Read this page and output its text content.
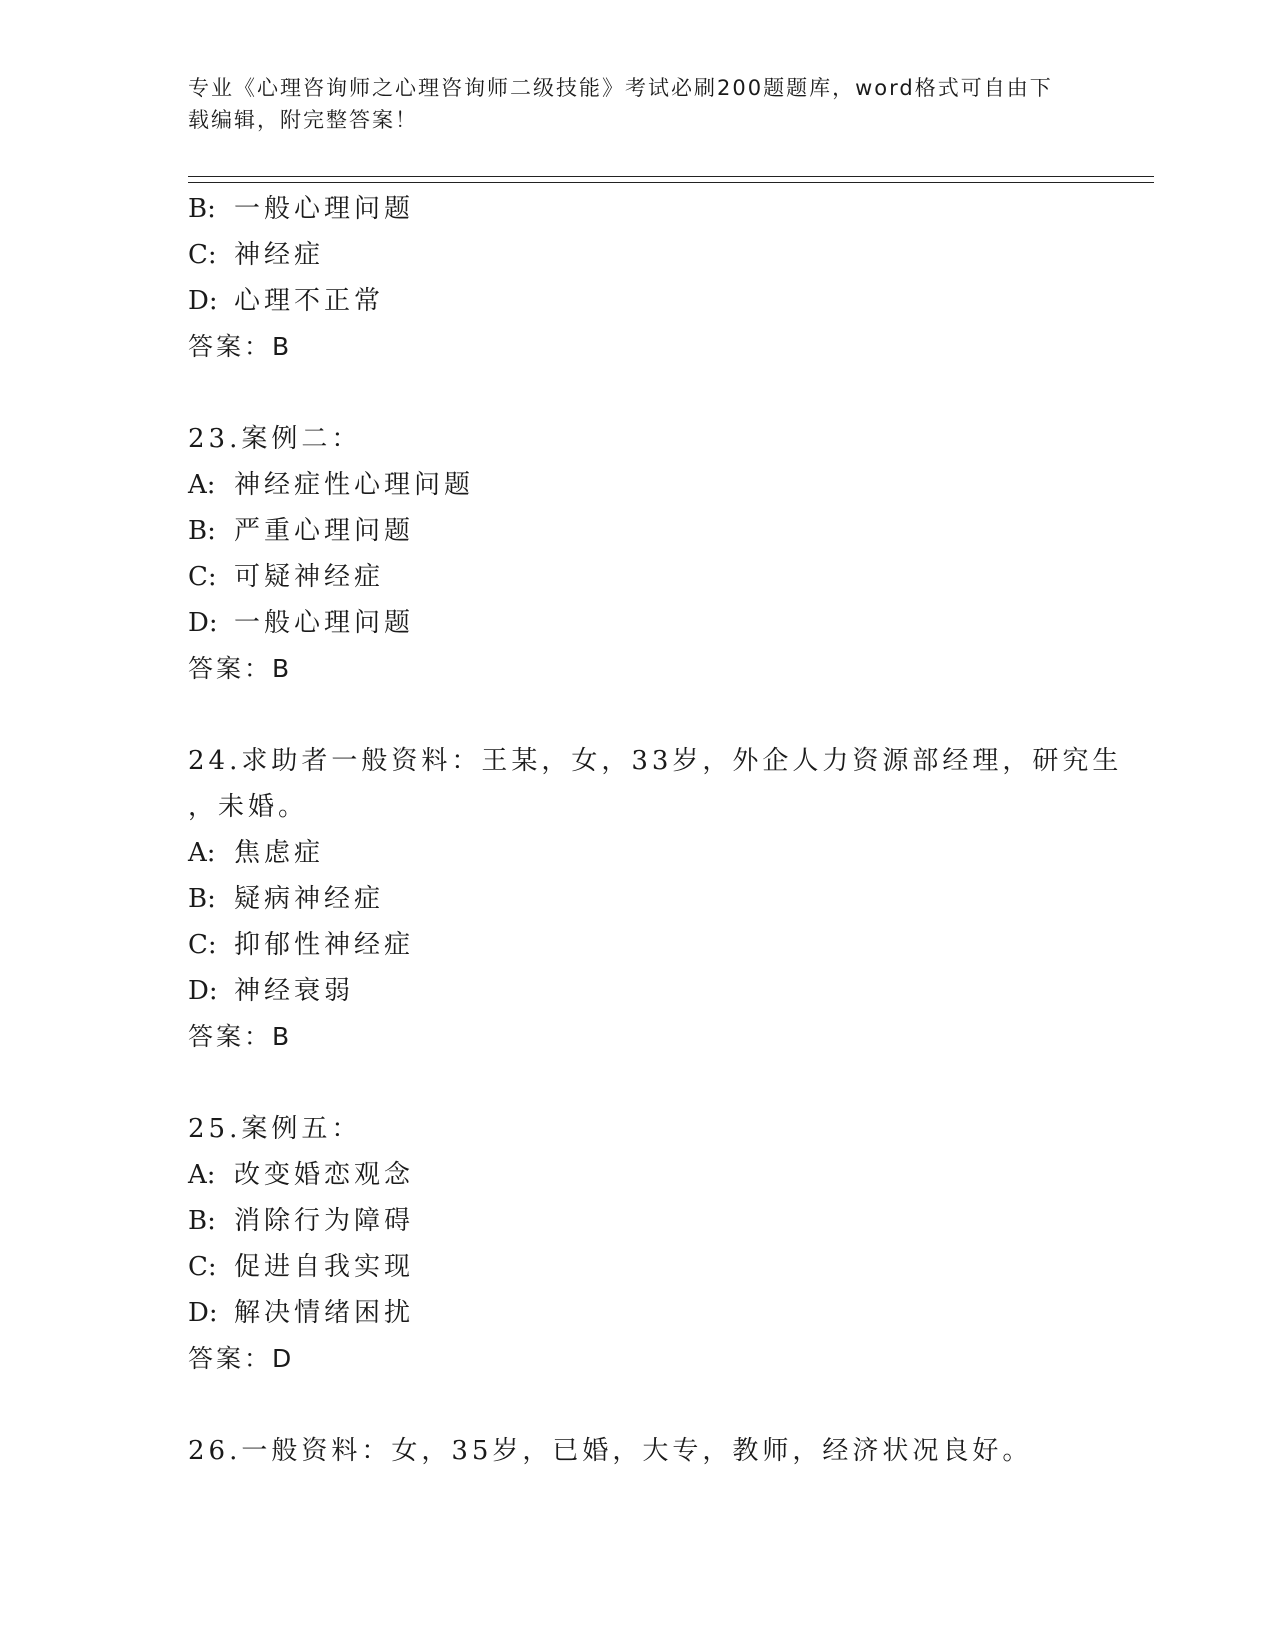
专业《心理咨询师之心理咨询师二级技能》考试必刷200题题库，word格式可自由下载编辑，附完整答案！
B: 一般心理问题
C: 神经症
D: 心理不正常
答案：B
23.案例二：
A: 神经症性心理问题
B: 严重心理问题
C: 可疑神经症
D: 一般心理问题
答案：B
24.求助者一般资料：王某，女，33岁，外企人力资源部经理，研究生
，未婚。
A: 焦虑症
B: 疑病神经症
C: 抑郁性神经症
D: 神经衰弱
答案：B
25.案例五：
A: 改变婚恋观念
B: 消除行为障碍
C: 促进自我实现
D: 解决情绪困扰
答案：D
26.一般资料：女，35岁，已婚，大专，教师，经济状况良好。
